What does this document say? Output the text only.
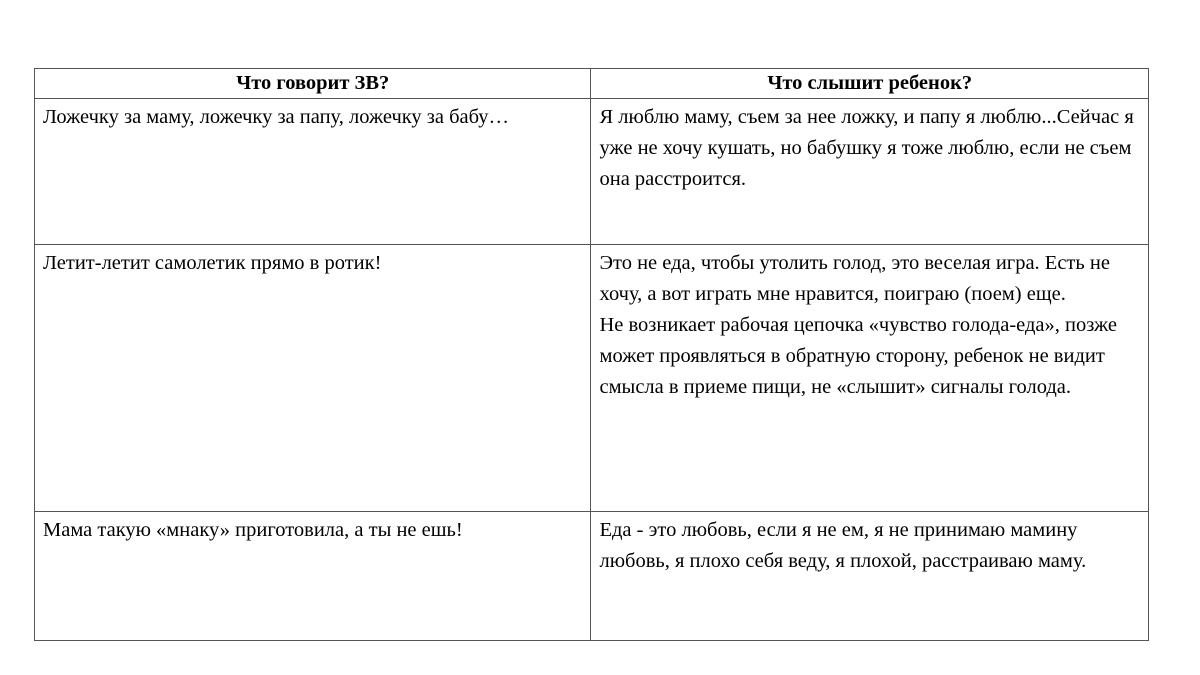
Что говорит ЗВ?	Что слышит ребенок?
Ложечку за маму, ложечку за папу, ложечку за бабу…	Я люблю маму, съем за нее ложку, и папу я люблю...Сейчас я уже не хочу кушать, но бабушку я тоже люблю, если не съем она расстроится.

Летит-летит самолетик прямо в ротик!	Это не еда, чтобы утолить голод, это веселая игра. Есть не хочу, а вот играть мне нравится, поиграю (поем) еще.
Не возникает рабочая цепочка «чувство голода-еда», позже может проявляться в обратную сторону, ребенок не видит смысла в приеме пищи, не «слышит» сигналы голода.

Мама такую «мнаку» приготовила, а ты не ешь!	Еда - это любовь, если я не ем, я не принимаю мамину любовь, я плохо себя веду, я плохой, расстраиваю маму.
